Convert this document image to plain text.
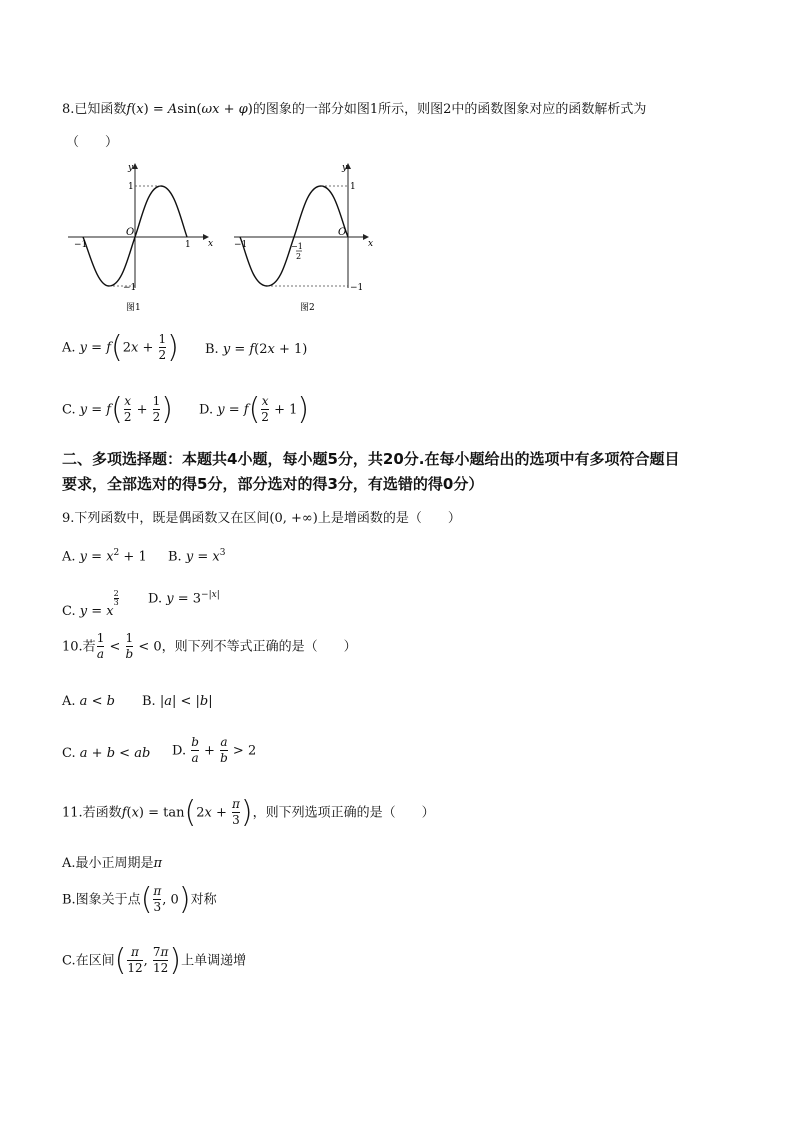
8.已知函数f(x) = Asin(ωx + φ)的图象的一部分如图1所示，则图2中的函数图象对应的函数解析式为
（　　）
y
x
O
1
−1
−1	1
图1
y
x
O
1
−1
−1	−1
2
图2
A. $y = f(2x + \frac{1}{2}$ ) B. y = f(2x + 1)
C. $y = f( \frac{x}{2} + \frac{1}{2}$ ) D. $y = f( \frac{x}{2} + 1)$
二、多项选择题：本题共4小题，每小题5分，共20分.在每小题给出的选项中有多项符合题目
要求，全部选对的得5分，部分选对的得3分，有选错的得0分）
9.下列函数中，既是偶函数又在区间(0, +∞)上是增函数的是（　　）
A. $y = x^2 + 1$ B. $y = x^3$
C. y = x
$^{\frac{2}{3}}$ D. $y = 3^{-|x|}$
10.若 $\frac{1}{a} < \frac{1}{b} < 0$，则下列不等式正确的是（　　）
A. a < b B. |a| < |b|
C. a + b < ab D. $\frac{b}{a} + \frac{a}{b} > 2$
11.若函数$f(x) = \tan(2x + \frac{\pi}{3}$ )，则下列选项正确的是（　　）
A.最小正周期是π
B.图象关于点( $\frac{\pi}{3}$ , 0)对称
C.在区间( $\frac{\pi}{12}$ , $\frac{7\pi}{12}$ )上单调递增
